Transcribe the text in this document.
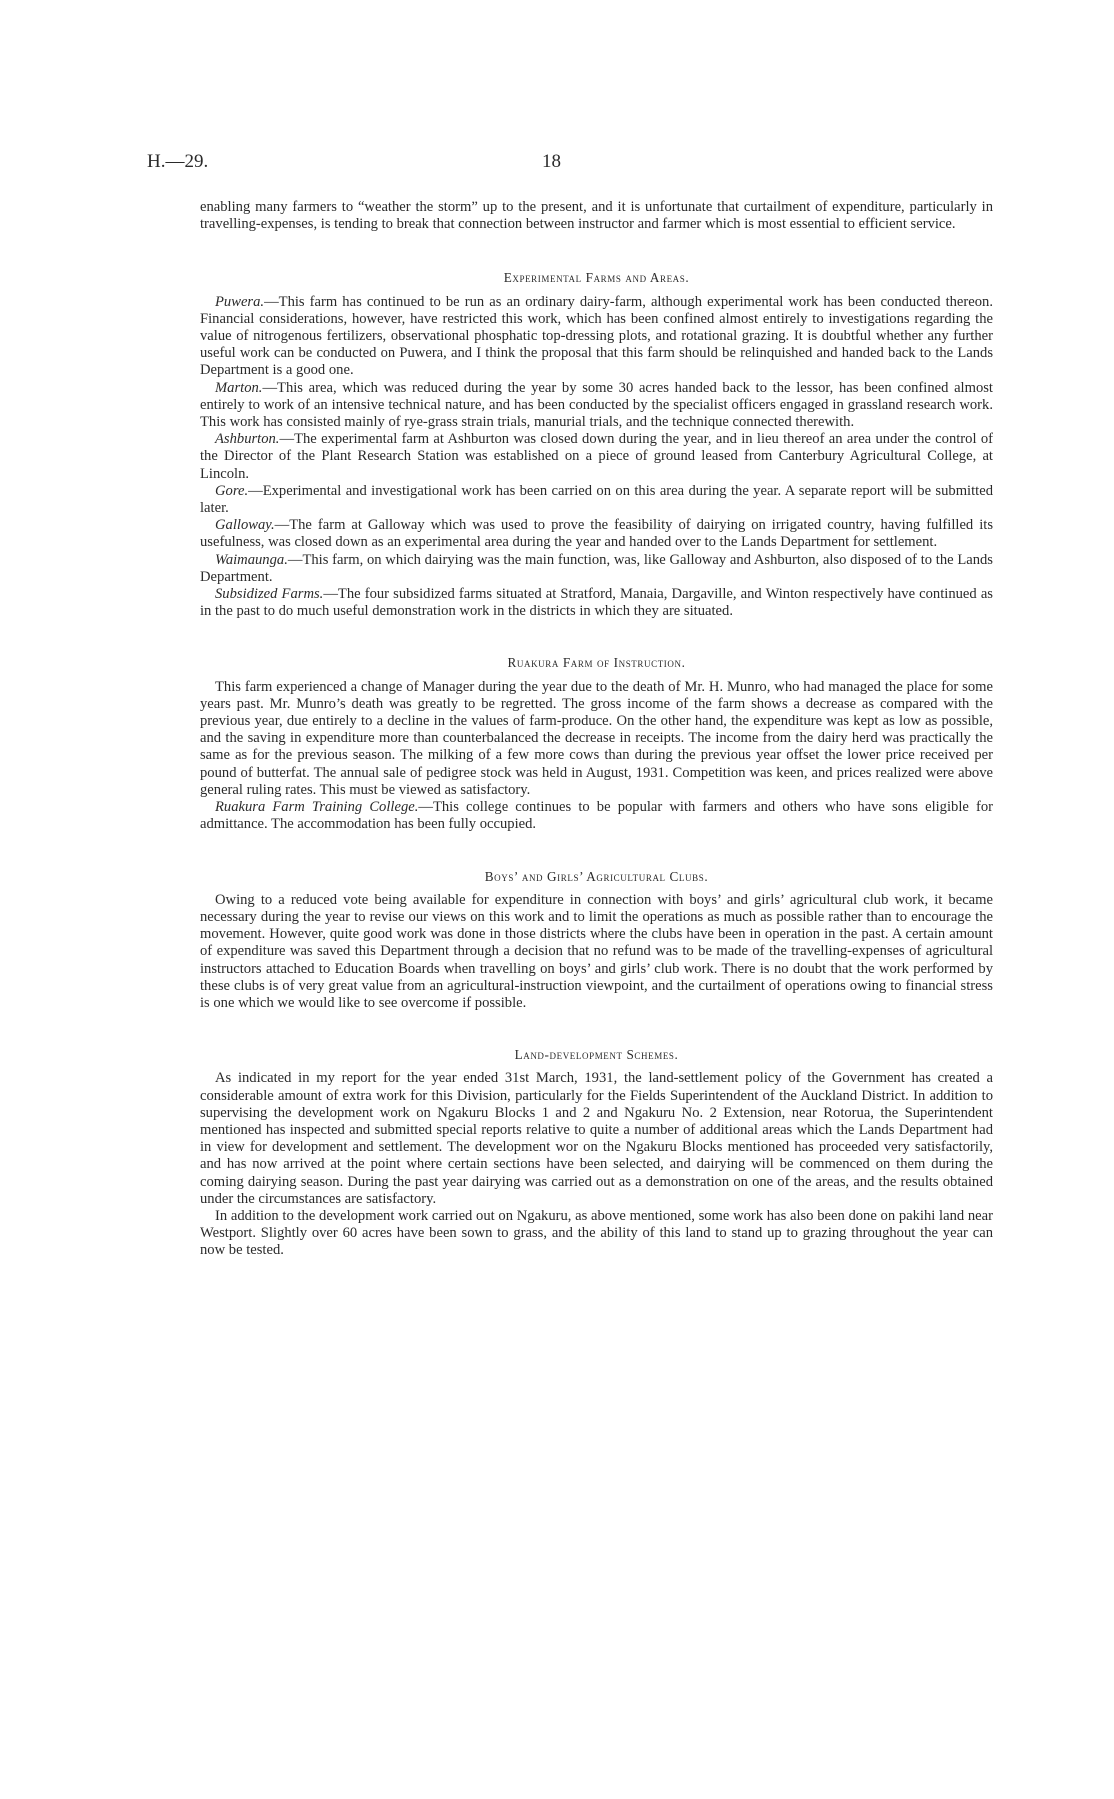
H.—29.	18

enabling many farmers to “weather the storm” up to the present, and it is unfortunate that curtailment of expenditure, particularly in travelling-expenses, is tending to break that connection between instructor and farmer which is most essential to efficient service.

Experimental Farms and Areas.

Puwera.—This farm has continued to be run as an ordinary dairy-farm, although experimental work has been conducted thereon. Financial considerations, however, have restricted this work, which has been confined almost entirely to investigations regarding the value of nitrogenous fertilizers, observational phosphatic top-dressing plots, and rotational grazing. It is doubtful whether any further useful work can be conducted on Puwera, and I think the proposal that this farm should be relinquished and handed back to the Lands Department is a good one.

Marton.—This area, which was reduced during the year by some 30 acres handed back to the lessor, has been confined almost entirely to work of an intensive technical nature, and has been conducted by the specialist officers engaged in grassland research work. This work has consisted mainly of rye-grass strain trials, manurial trials, and the technique connected therewith.

Ashburton.—The experimental farm at Ashburton was closed down during the year, and in lieu thereof an area under the control of the Director of the Plant Research Station was established on a piece of ground leased from Canterbury Agricultural College, at Lincoln.

Gore.—Experimental and investigational work has been carried on on this area during the year. A separate report will be submitted later.

Galloway.—The farm at Galloway which was used to prove the feasibility of dairying on irrigated country, having fulfilled its usefulness, was closed down as an experimental area during the year and handed over to the Lands Department for settlement.

Waimaunga.—This farm, on which dairying was the main function, was, like Galloway and Ashburton, also disposed of to the Lands Department.

Subsidized Farms.—The four subsidized farms situated at Stratford, Manaia, Dargaville, and Winton respectively have continued as in the past to do much useful demonstration work in the districts in which they are situated.

Ruakura Farm of Instruction.

This farm experienced a change of Manager during the year due to the death of Mr. H. Munro, who had managed the place for some years past. Mr. Munro’s death was greatly to be regretted. The gross income of the farm shows a decrease as compared with the previous year, due entirely to a decline in the values of farm-produce. On the other hand, the expenditure was kept as low as possible, and the saving in expenditure more than counterbalanced the decrease in receipts. The income from the dairy herd was practically the same as for the previous season. The milking of a few more cows than during the previous year offset the lower price received per pound of butterfat. The annual sale of pedigree stock was held in August, 1931. Competition was keen, and prices realized were above general ruling rates. This must be viewed as satisfactory.

Ruakura Farm Training College.—This college continues to be popular with farmers and others who have sons eligible for admittance. The accommodation has been fully occupied.

Boys’ and Girls’ Agricultural Clubs.

Owing to a reduced vote being available for expenditure in connection with boys’ and girls’ agricultural club work, it became necessary during the year to revise our views on this work and to limit the operations as much as possible rather than to encourage the movement. However, quite good work was done in those districts where the clubs have been in operation in the past. A certain amount of expenditure was saved this Department through a decision that no refund was to be made of the travelling-expenses of agricultural instructors attached to Education Boards when travelling on boys’ and girls’ club work. There is no doubt that the work performed by these clubs is of very great value from an agricultural-instruction viewpoint, and the curtailment of operations owing to financial stress is one which we would like to see overcome if possible.

Land-development Schemes.

As indicated in my report for the year ended 31st March, 1931, the land-settlement policy of the Government has created a considerable amount of extra work for this Division, particularly for the Fields Superintendent of the Auckland District. In addition to supervising the development work on Ngakuru Blocks 1 and 2 and Ngakuru No. 2 Extension, near Rotorua, the Superintendent mentioned has inspected and submitted special reports relative to quite a number of additional areas which the Lands Department had in view for development and settlement. The development wor on the Ngakuru Blocks mentioned has proceeded very satisfactorily, and has now arrived at the point where certain sections have been selected, and dairying will be commenced on them during the coming dairying season. During the past year dairying was carried out as a demonstration on one of the areas, and the results obtained under the circumstances are satisfactory.

In addition to the development work carried out on Ngakuru, as above mentioned, some work has also been done on pakihi land near Westport. Slightly over 60 acres have been sown to grass, and the ability of this land to stand up to grazing throughout the year can now be tested.
